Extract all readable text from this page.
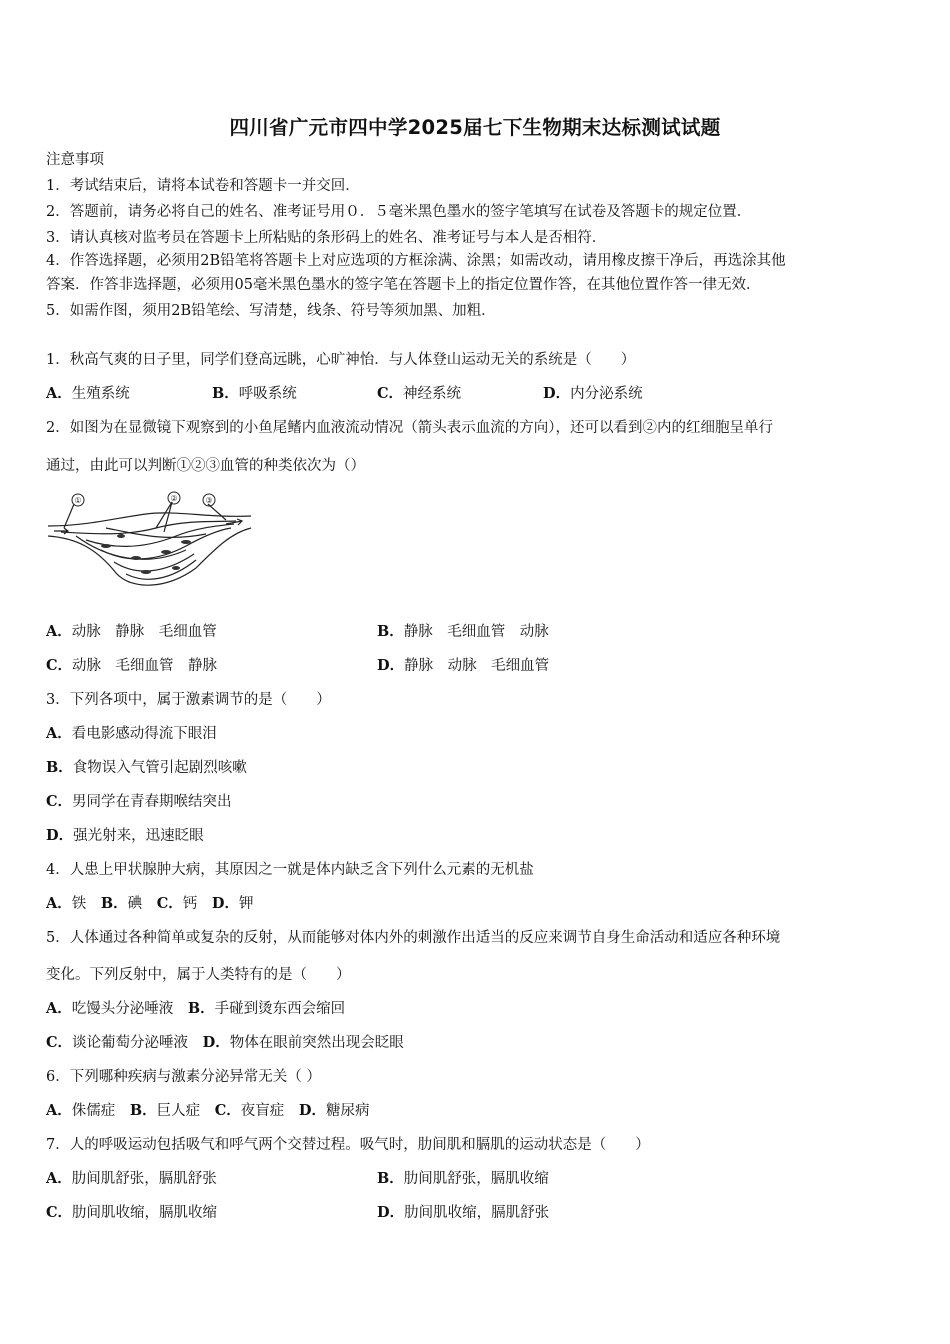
四川省广元市四中学2025届七下生物期末达标测试试题
注意事项
1．考试结束后，请将本试卷和答题卡一并交回．
2．答题前，请务必将自己的姓名、准考证号用０．５毫米黑色墨水的签字笔填写在试卷及答题卡的规定位置．
3．请认真核对监考员在答题卡上所粘贴的条形码上的姓名、准考证号与本人是否相符．
4．作答选择题，必须用2B铅笔将答题卡上对应选项的方框涂满、涂黑；如需改动，请用橡皮擦干净后，再选涂其他
答案．作答非选择题，必须用05毫米黑色墨水的签字笔在答题卡上的指定位置作答，在其他位置作答一律无效．
5．如需作图，须用2B铅笔绘、写清楚，线条、符号等须加黑、加粗．
1．秋高气爽的日子里，同学们登高远眺，心旷神怡．与人体登山运动无关的系统是（　　）
A．生殖系统	B．呼吸系统	C．神经系统	D．内分泌系统
2．如图为在显微镜下观察到的小鱼尾鳍内血液流动情况（箭头表示血流的方向），还可以看到②内的红细胞呈单行
通过，由此可以判断①②③血管的种类依次为（）
①	②	③
A．动脉　静脉　毛细血管	B．静脉　毛细血管　动脉
C．动脉　毛细血管　静脉	D．静脉　动脉　毛细血管
3．下列各项中，属于激素调节的是（　　）
A．看电影感动得流下眼泪
B．食物误入气管引起剧烈咳嗽
C．男同学在青春期喉结突出
D．强光射来，迅速眨眼
4．人患上甲状腺肿大病，其原因之一就是体内缺乏含下列什么元素的无机盐
A．铁 B．碘 C．钙 D．钾
5．人体通过各种简单或复杂的反射，从而能够对体内外的刺激作出适当的反应来调节自身生命活动和适应各种环境
变化。下列反射中，属于人类特有的是（　　）
A．吃馒头分泌唾液 B．手碰到烫东西会缩回
C．谈论葡萄分泌唾液 D．物体在眼前突然出现会眨眼
6．下列哪种疾病与激素分泌异常无关（ ）
A．侏儒症 B．巨人症 C．夜盲症 D．糖尿病
7．人的呼吸运动包括吸气和呼气两个交替过程。吸气时，肋间肌和膈肌的运动状态是（　　）
A．肋间肌舒张，膈肌舒张	B．肋间肌舒张，膈肌收缩
C．肋间肌收缩，膈肌收缩	D．肋间肌收缩，膈肌舒张
